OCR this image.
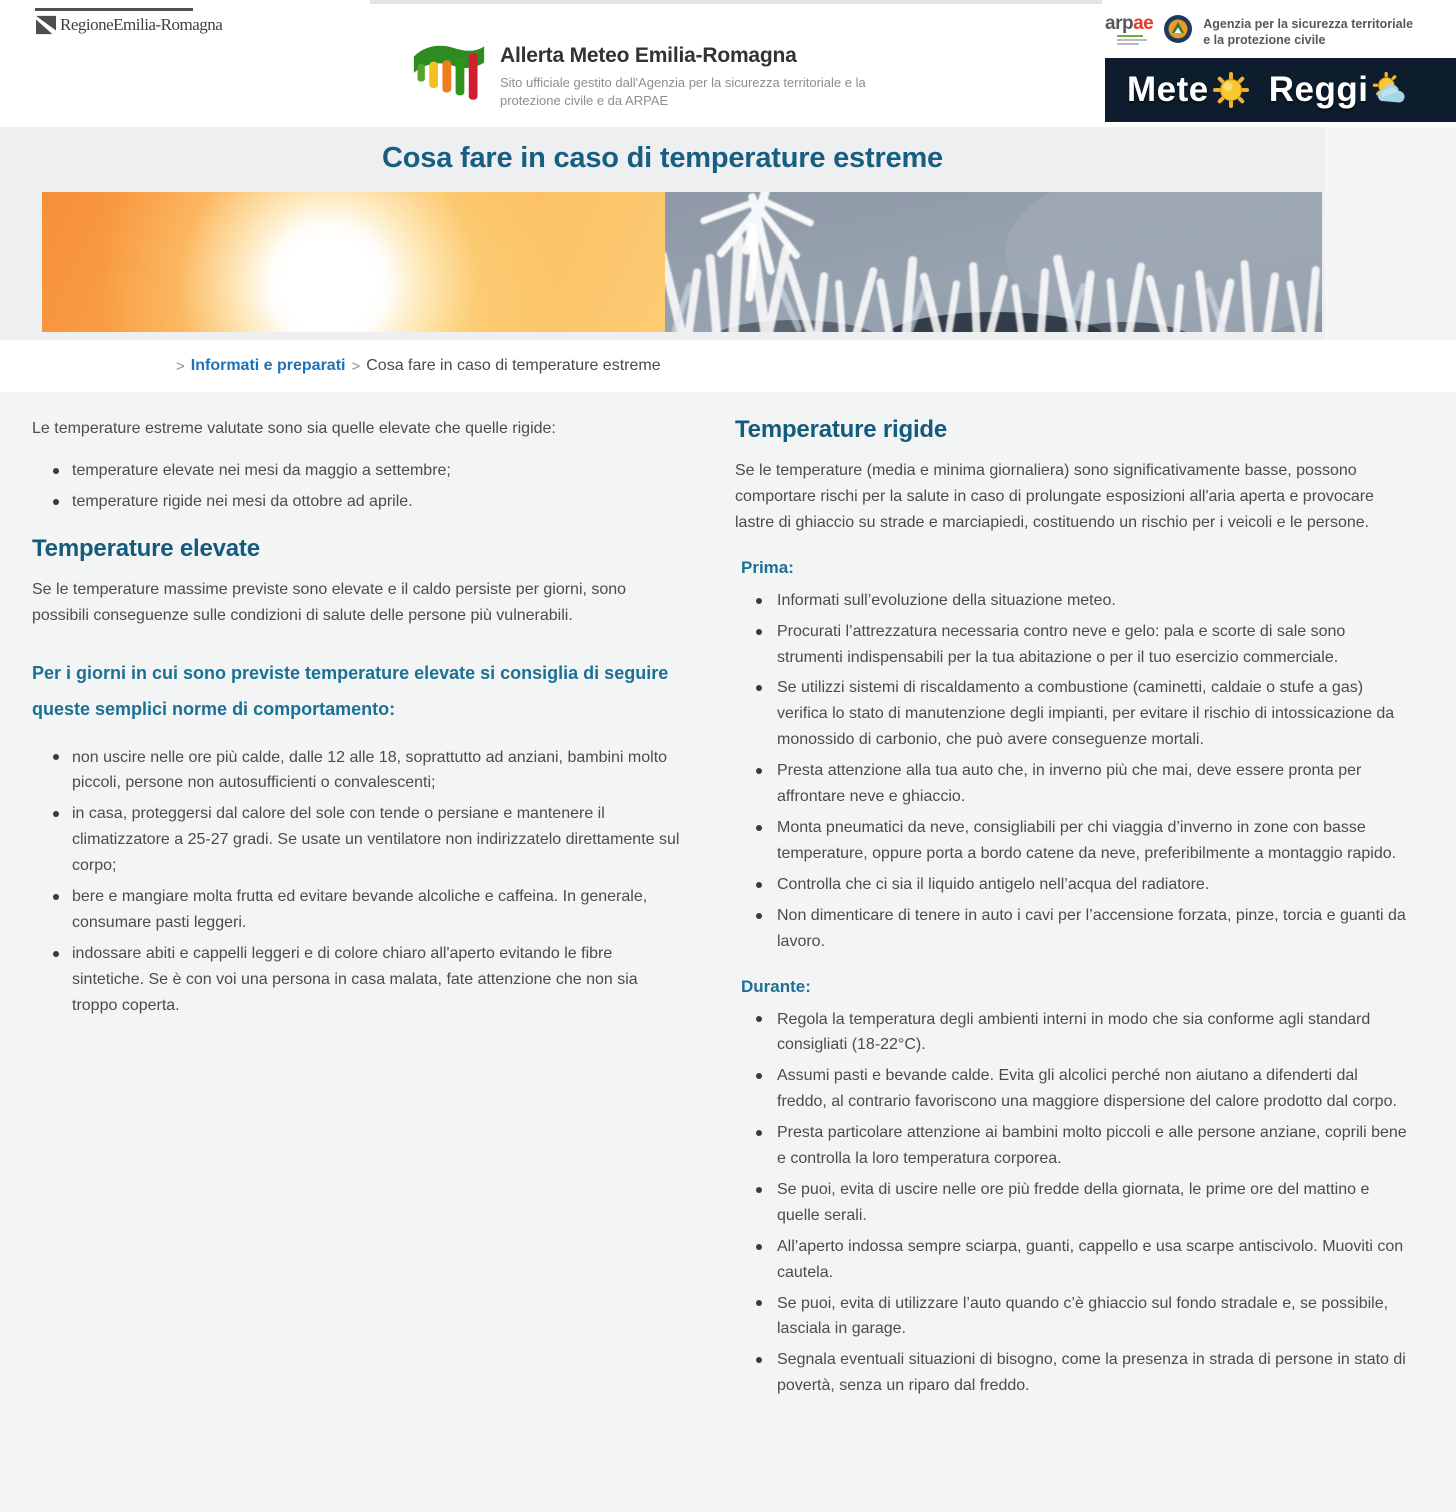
RegioneEmilia-Romagna
Allerta Meteo Emilia-Romagna
Sito ufficiale gestito dall'Agenzia per la sicurezza territoriale e la protezione civile e da ARPAE
arpae	Agenzia per la sicurezza territoriale e la protezione civile
Mete Reggi
Cosa fare in caso di temperature estreme
> Informati e preparati > Cosa fare in caso di temperature estreme

Le temperature estreme valutate sono sia quelle elevate che quelle rigide:

temperature elevate nei mesi da maggio a settembre;
temperature rigide nei mesi da ottobre ad aprile.
Temperature elevate

Se le temperature massime previste sono elevate e il caldo persiste per giorni, sono possibili conseguenze sulle condizioni di salute delle persone più vulnerabili.

Per i giorni in cui sono previste temperature elevate si consiglia di seguire queste semplici norme di comportamento:

non uscire nelle ore più calde, dalle 12 alle 18, soprattutto ad anziani, bambini molto piccoli, persone non autosufficienti o convalescenti;
in casa, proteggersi dal calore del sole con tende o persiane e mantenere il climatizzatore a 25-27 gradi. Se usate un ventilatore non indirizzatelo direttamente sul corpo;
bere e mangiare molta frutta ed evitare bevande alcoliche e caffeina. In generale, consumare pasti leggeri.
indossare abiti e cappelli leggeri e di colore chiaro all'aperto evitando le fibre sintetiche. Se è con voi una persona in casa malata, fate attenzione che non sia troppo coperta.
Temperature rigide

Se le temperature (media e minima giornaliera) sono significativamente basse, possono comportare rischi per la salute in caso di prolungate esposizioni all'aria aperta e provocare lastre di ghiaccio su strade e marciapiedi, costituendo un rischio per i veicoli e le persone.

Prima:
Informati sull’evoluzione della situazione meteo.
Procurati l’attrezzatura necessaria contro neve e gelo: pala e scorte di sale sono strumenti indispensabili per la tua abitazione o per il tuo esercizio commerciale.
Se utilizzi sistemi di riscaldamento a combustione (caminetti, caldaie o stufe a gas) verifica lo stato di manutenzione degli impianti, per evitare il rischio di intossicazione da monossido di carbonio, che può avere conseguenze mortali.
Presta attenzione alla tua auto che, in inverno più che mai, deve essere pronta per affrontare neve e ghiaccio.
Monta pneumatici da neve, consigliabili per chi viaggia d’inverno in zone con basse temperature, oppure porta a bordo catene da neve, preferibilmente a montaggio rapido.
Controlla che ci sia il liquido antigelo nell’acqua del radiatore.
Non dimenticare di tenere in auto i cavi per l’accensione forzata, pinze, torcia e guanti da lavoro.
Durante:
Regola la temperatura degli ambienti interni in modo che sia conforme agli standard consigliati (18-22°C).
Assumi pasti e bevande calde. Evita gli alcolici perché non aiutano a difenderti dal freddo, al contrario favoriscono una maggiore dispersione del calore prodotto dal corpo.
Presta particolare attenzione ai bambini molto piccoli e alle persone anziane, coprili bene e controlla la loro temperatura corporea.
Se puoi, evita di uscire nelle ore più fredde della giornata, le prime ore del mattino e quelle serali.
All’aperto indossa sempre sciarpa, guanti, cappello e usa scarpe antiscivolo. Muoviti con cautela.
Se puoi, evita di utilizzare l’auto quando c’è ghiaccio sul fondo stradale e, se possibile, lasciala in garage.
Segnala eventuali situazioni di bisogno, come la presenza in strada di persone in stato di povertà, senza un riparo dal freddo.
